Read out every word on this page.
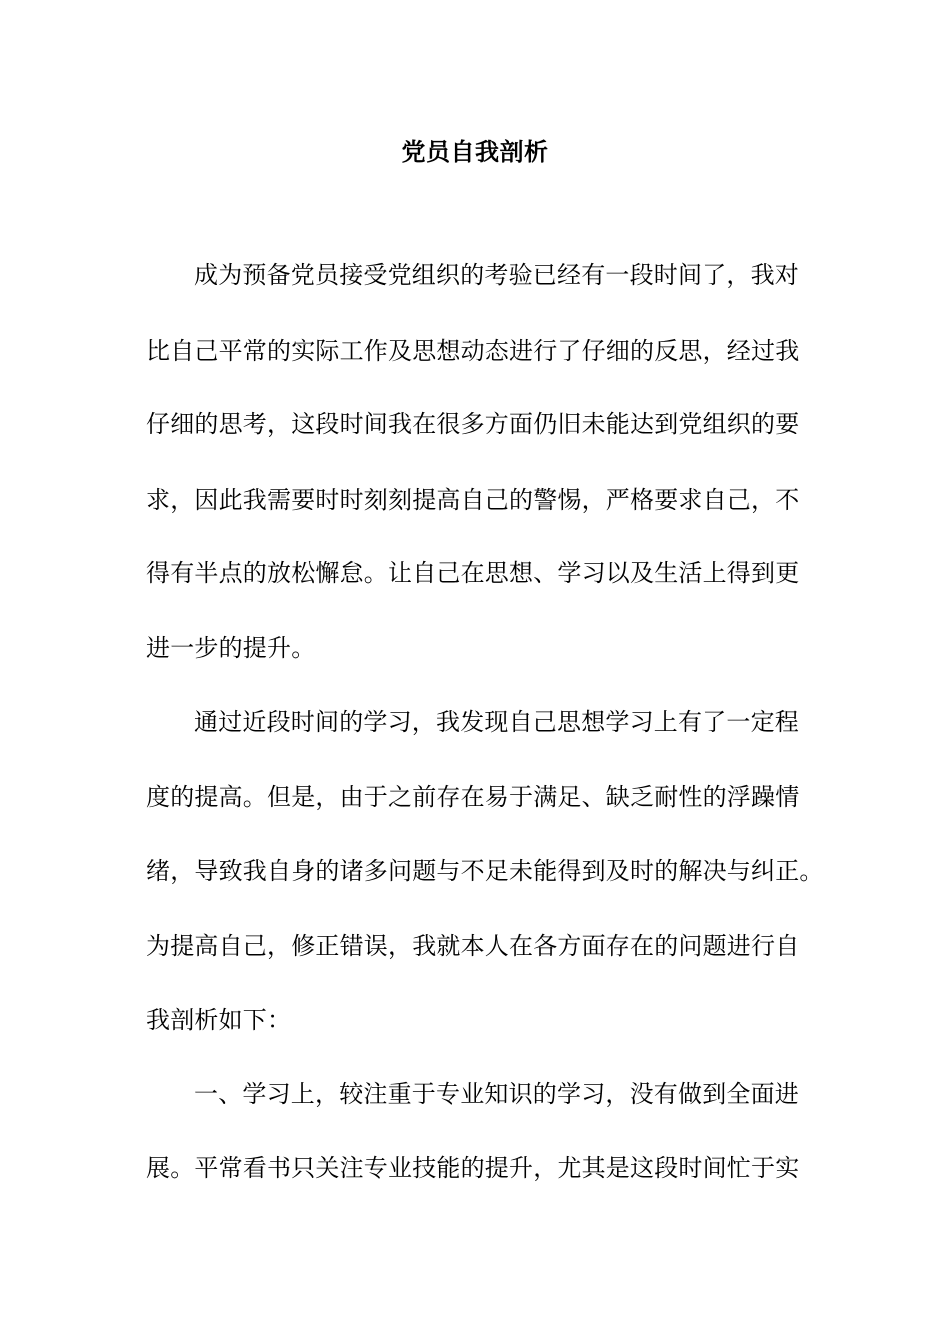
党员自我剖析
成为预备党员接受党组织的考验已经有一段时间了，我对
比自己平常的实际工作及思想动态进行了仔细的反思，经过我
仔细的思考，这段时间我在很多方面仍旧未能达到党组织的要
求，因此我需要时时刻刻提高自己的警惕，严格要求自己，不
得有半点的放松懈怠。让自己在思想、学习以及生活上得到更
进一步的提升。
通过近段时间的学习，我发现自己思想学习上有了一定程
度的提高。但是，由于之前存在易于满足、缺乏耐性的浮躁情
绪，导致我自身的诸多问题与不足未能得到及时的解决与纠正。
为提高自己，修正错误，我就本人在各方面存在的问题进行自
我剖析如下：
一、学习上，较注重于专业知识的学习，没有做到全面进
展。平常看书只关注专业技能的提升，尤其是这段时间忙于实
